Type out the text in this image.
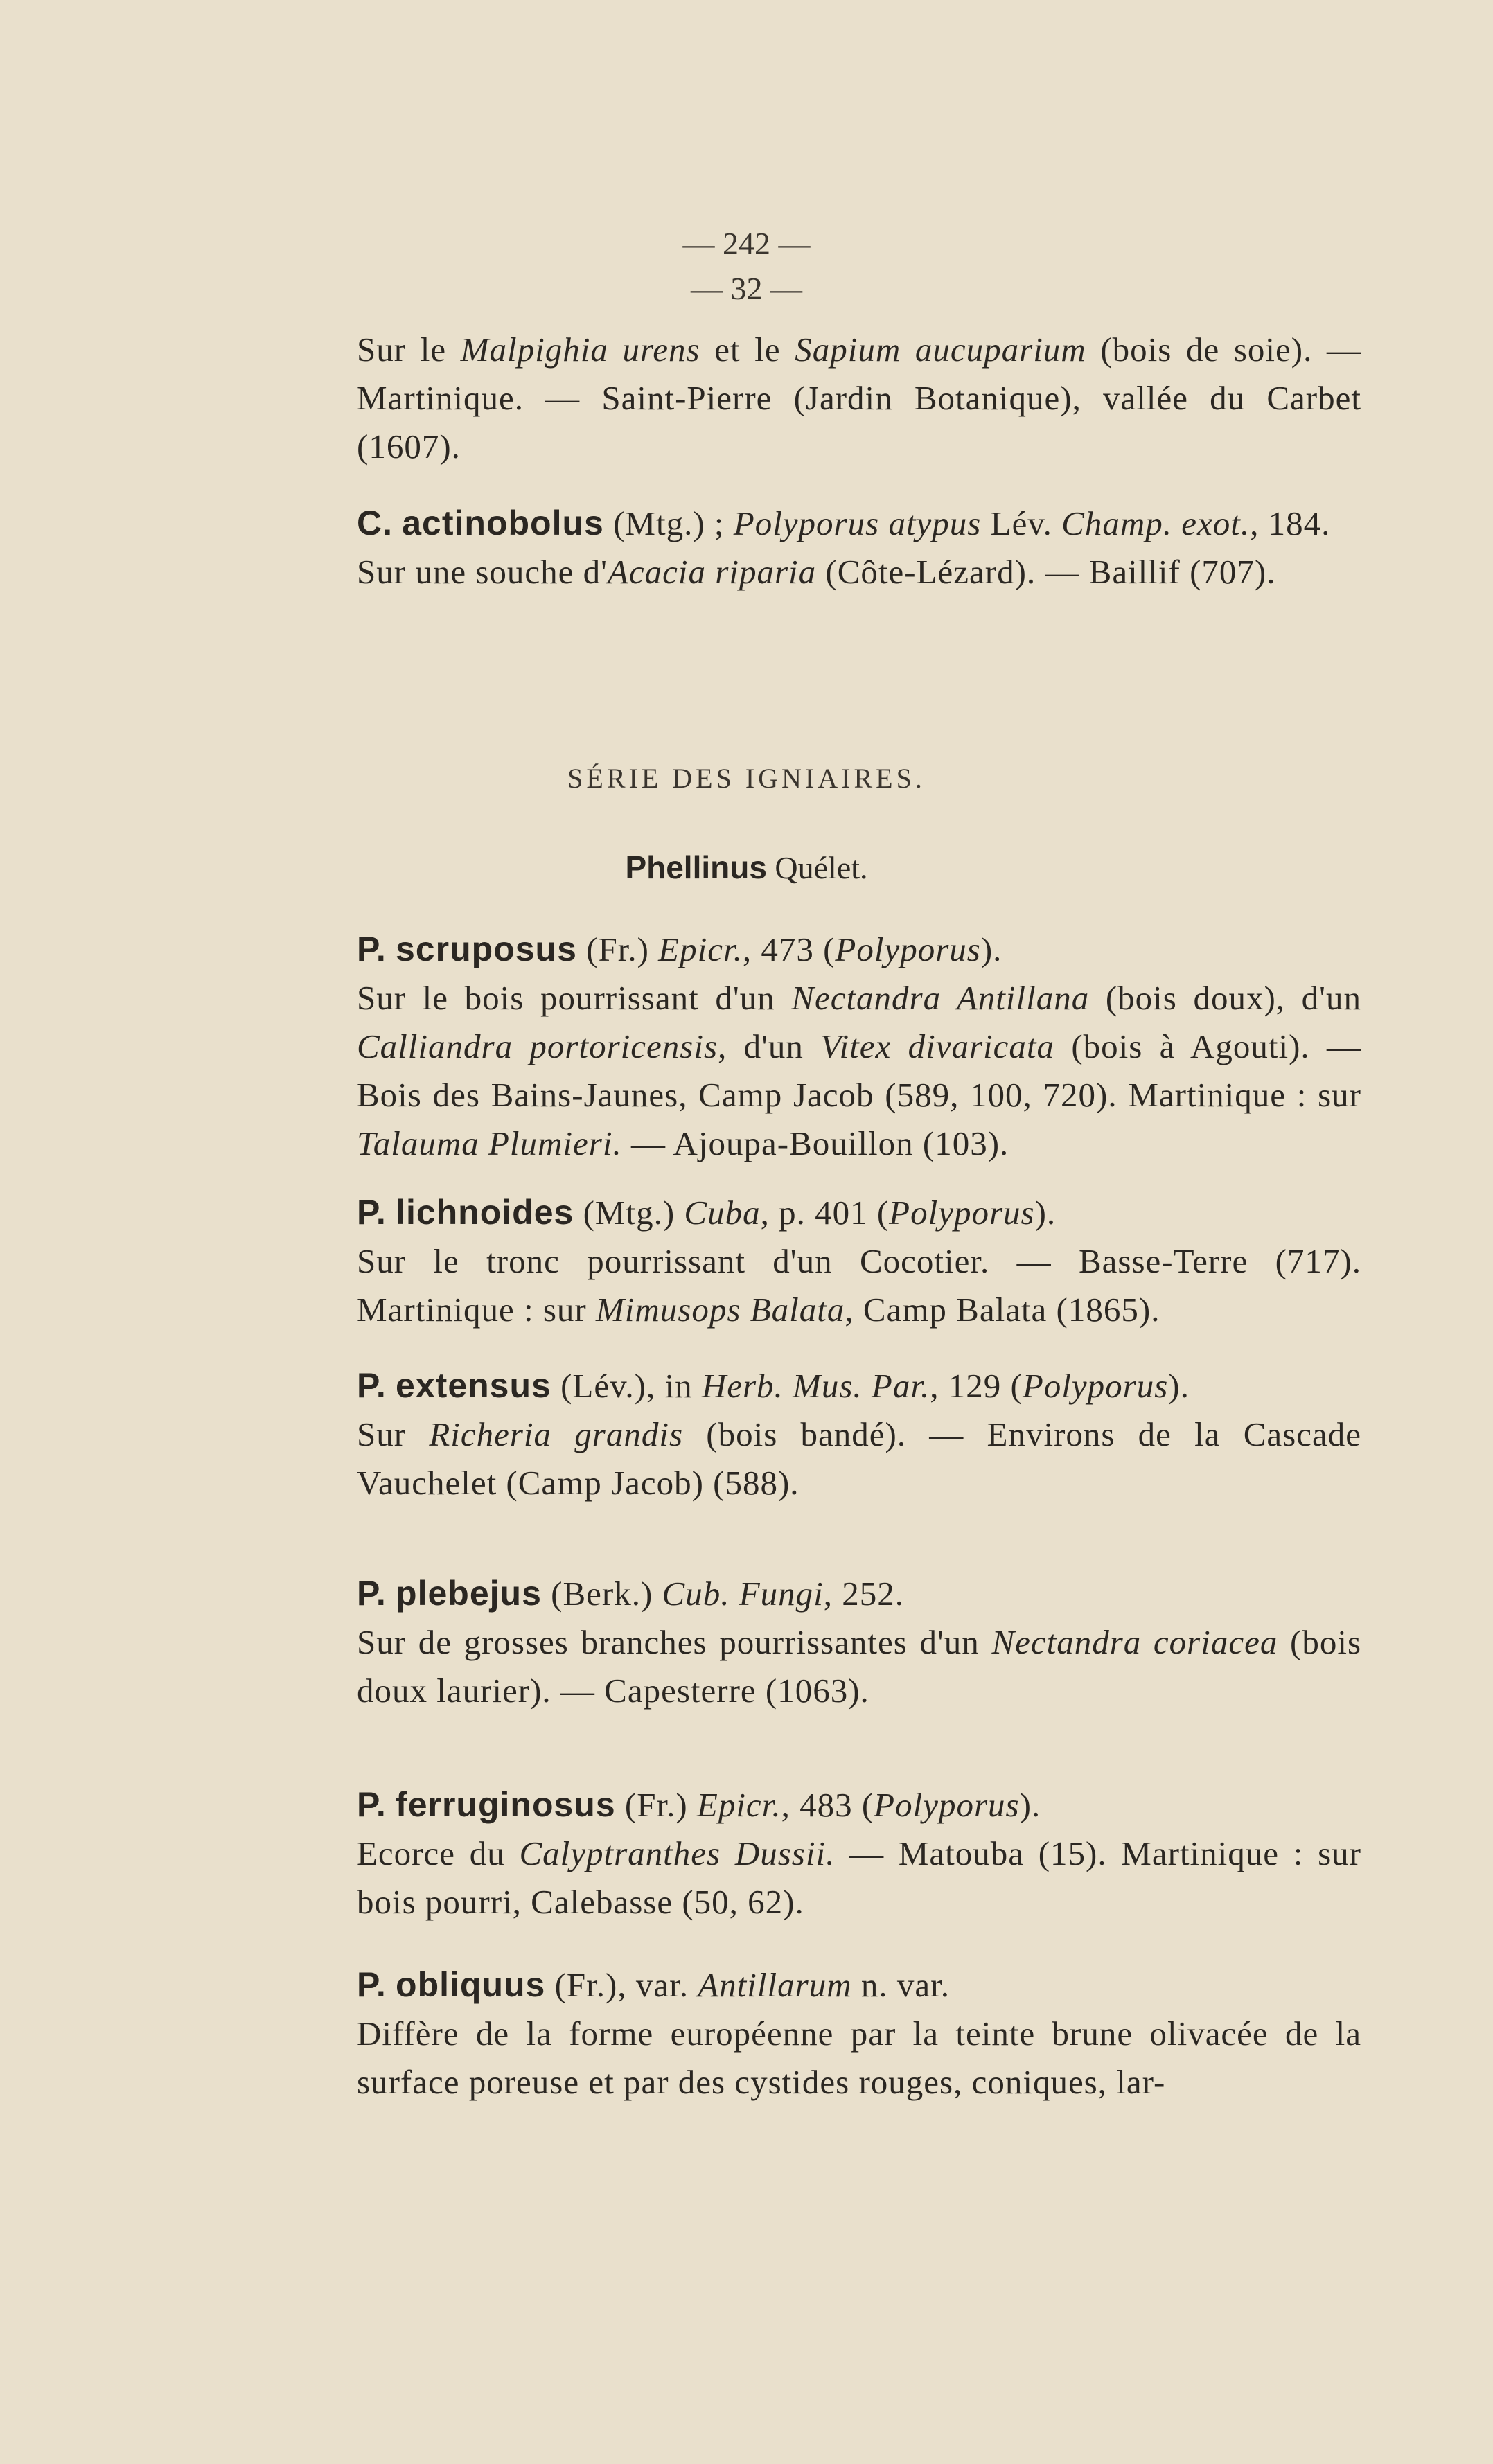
— 242 —
— 32 —

Sur le Malpighia urens et le Sapium aucuparium (bois de soie). — Martinique. — Saint-Pierre (Jardin Botanique), vallée du Carbet (1607).

C. actinobolus (Mtg.) ; Polyporus atypus Lév. Champ. exot., 184.
Sur une souche d'Acacia riparia (Côte-Lézard). — Baillif (707).

SÉRIE DES IGNIAIRES.
Phellinus Quélet.

P. scruposus (Fr.) Epicr., 473 (Polyporus).
Sur le bois pourrissant d'un Nectandra Antillana (bois doux), d'un Calliandra portoricensis, d'un Vitex divaricata (bois à Agouti). — Bois des Bains-Jaunes, Camp Jacob (589, 100, 720). Martinique : sur Talauma Plumieri. — Ajoupa-Bouillon (103).

P. lichnoides (Mtg.) Cuba, p. 401 (Polyporus).
Sur le tronc pourrissant d'un Cocotier. — Basse-Terre (717). Martinique : sur Mimusops Balata, Camp Balata (1865).

P. extensus (Lév.), in Herb. Mus. Par., 129 (Polyporus).
Sur Richeria grandis (bois bandé). — Environs de la Cascade Vauchelet (Camp Jacob) (588).

P. plebejus (Berk.) Cub. Fungi, 252.
Sur de grosses branches pourrissantes d'un Nectandra coriacea (bois doux laurier). — Capesterre (1063).

P. ferruginosus (Fr.) Epicr., 483 (Polyporus).
Ecorce du Calyptranthes Dussii. — Matouba (15). Martinique : sur bois pourri, Calebasse (50, 62).

P. obliquus (Fr.), var. Antillarum n. var.
Diffère de la forme européenne par la teinte brune olivacée de la surface poreuse et par des cystides rouges, coniques, lar-
